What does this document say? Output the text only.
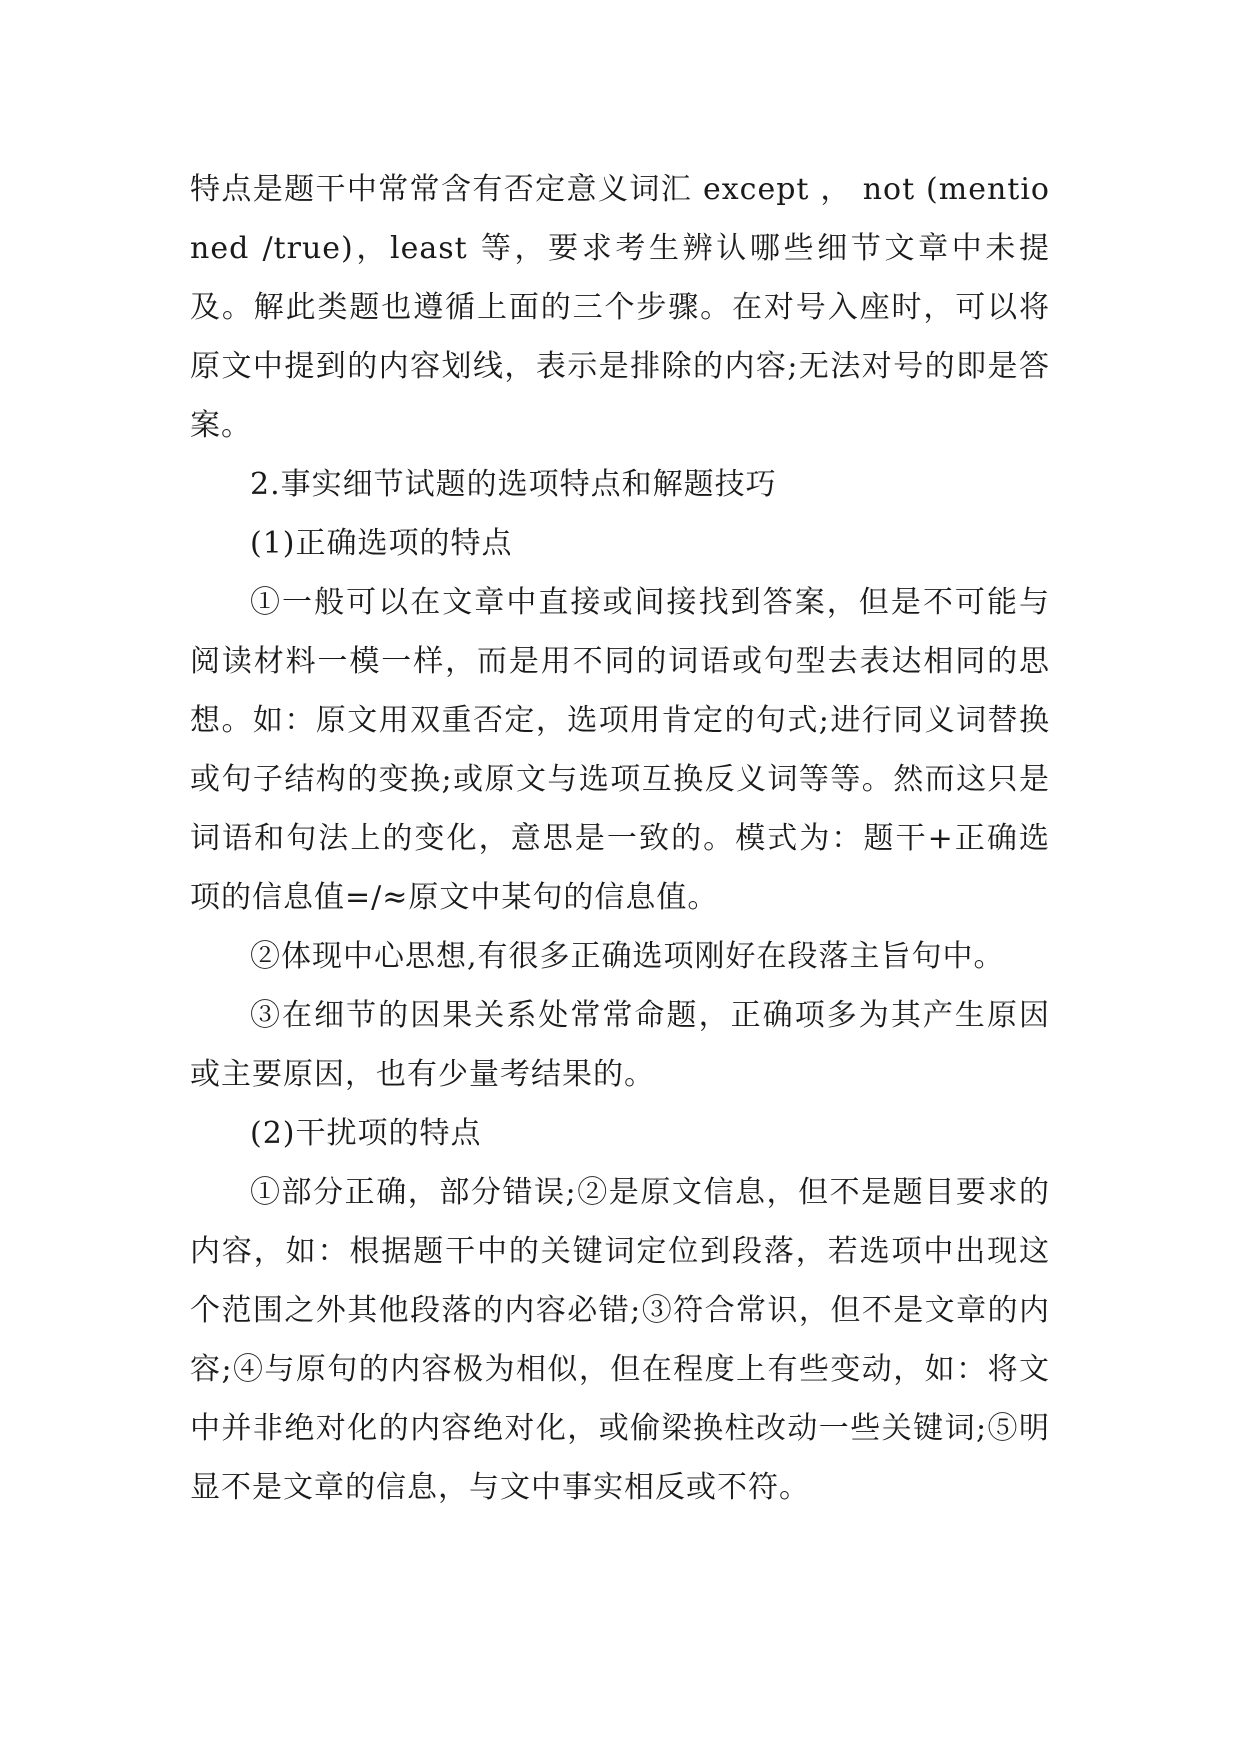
特点是题干中常常含有否定意义词汇 except ， not (mentioned /true)，least 等，要求考生辨认哪些细节文章中未提及。解此类题也遵循上面的三个步骤。在对号入座时，可以将原文中提到的内容划线，表示是排除的内容;无法对号的即是答案。

2.事实细节试题的选项特点和解题技巧

(1)正确选项的特点

①一般可以在文章中直接或间接找到答案，但是不可能与阅读材料一模一样，而是用不同的词语或句型去表达相同的思想。如：原文用双重否定，选项用肯定的句式;进行同义词替换或句子结构的变换;或原文与选项互换反义词等等。然而这只是词语和句法上的变化，意思是一致的。模式为：题干+正确选项的信息值=/≈原文中某句的信息值。

②体现中心思想,有很多正确选项刚好在段落主旨句中。

③在细节的因果关系处常常命题，正确项多为其产生原因或主要原因，也有少量考结果的。

(2)干扰项的特点

①部分正确，部分错误;②是原文信息，但不是题目要求的内容，如：根据题干中的关键词定位到段落，若选项中出现这个范围之外其他段落的内容必错;③符合常识，但不是文章的内容;④与原句的内容极为相似，但在程度上有些变动，如：将文中并非绝对化的内容绝对化，或偷梁换柱改动一些关键词;⑤明显不是文章的信息，与文中事实相反或不符。
